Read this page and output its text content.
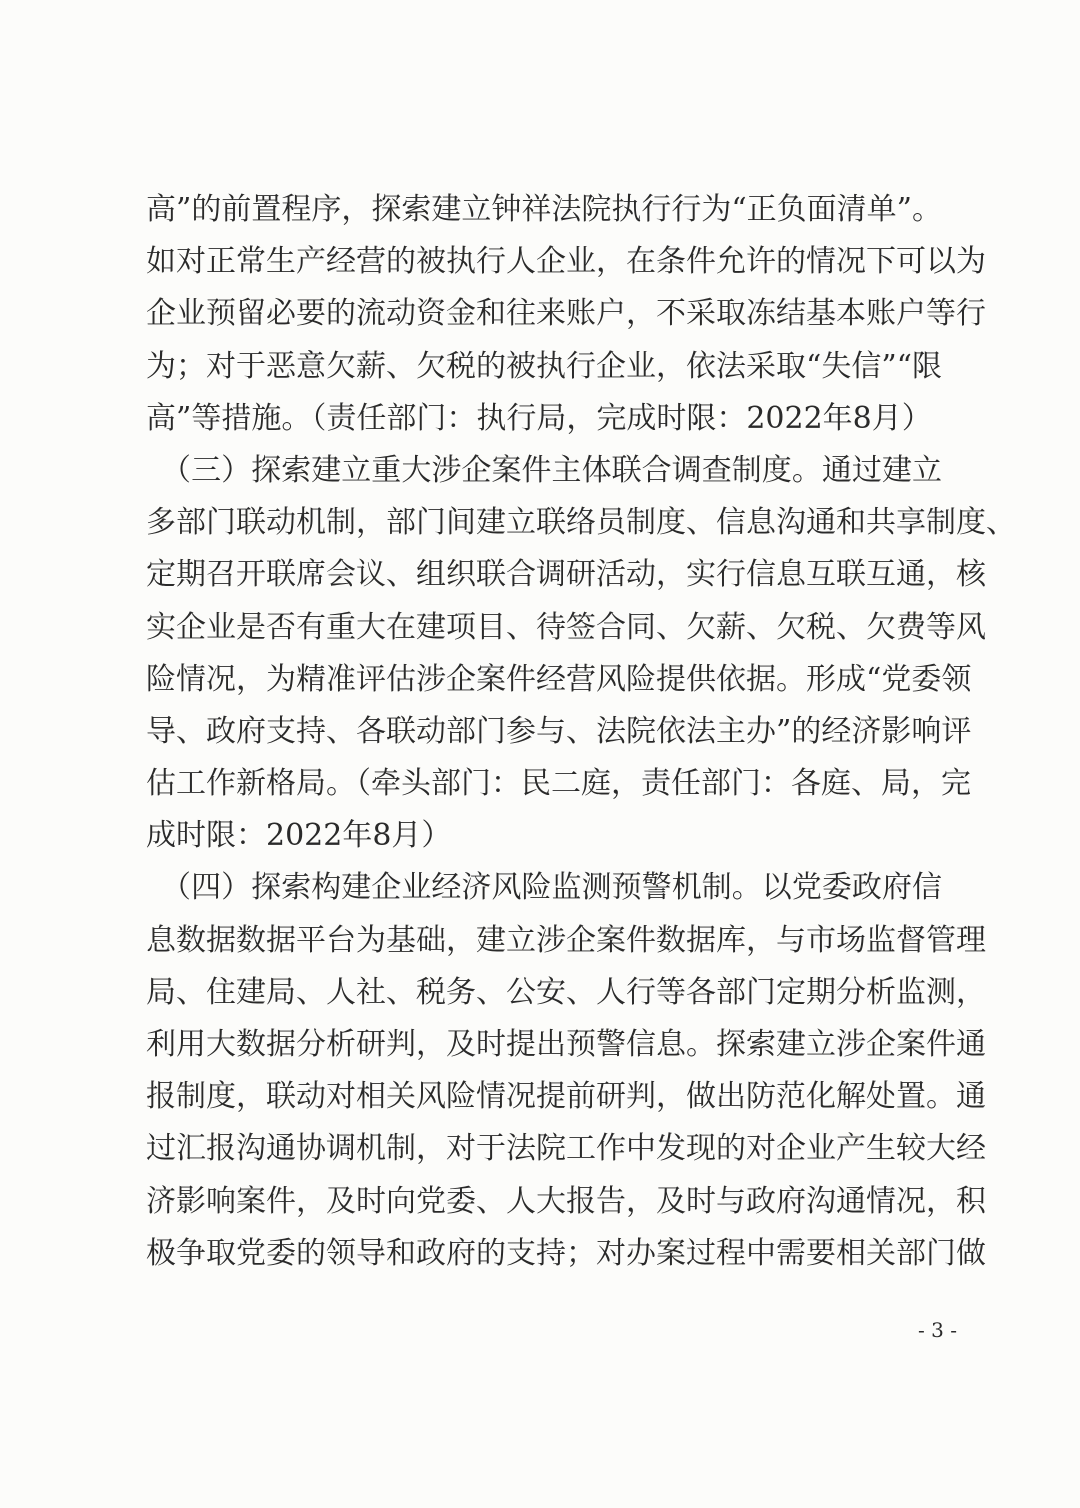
高”的前置程序，探索建立钟祥法院执行行为“正负面清单”。
如对正常生产经营的被执行人企业，在条件允许的情况下可以为
企业预留必要的流动资金和往来账户，不采取冻结基本账户等行
为；对于恶意欠薪、欠税的被执行企业，依法采取“失信”“限
高”等措施。（责任部门：执行局，完成时限：2022年8月）
　（三）探索建立重大涉企案件主体联合调查制度。通过建立
多部门联动机制，部门间建立联络员制度、信息沟通和共享制度、
定期召开联席会议、组织联合调研活动，实行信息互联互通，核
实企业是否有重大在建项目、待签合同、欠薪、欠税、欠费等风
险情况，为精准评估涉企案件经营风险提供依据。形成“党委领
导、政府支持、各联动部门参与、法院依法主办”的经济影响评
估工作新格局。（牵头部门：民二庭，责任部门：各庭、局，完
成时限：2022年8月）
　（四）探索构建企业经济风险监测预警机制。以党委政府信
息数据数据平台为基础，建立涉企案件数据库，与市场监督管理
局、住建局、人社、税务、公安、人行等各部门定期分析监测，
利用大数据分析研判，及时提出预警信息。探索建立涉企案件通
报制度，联动对相关风险情况提前研判，做出防范化解处置。通
过汇报沟通协调机制，对于法院工作中发现的对企业产生较大经
济影响案件，及时向党委、人大报告，及时与政府沟通情况，积
极争取党委的领导和政府的支持；对办案过程中需要相关部门做
- 3 -
